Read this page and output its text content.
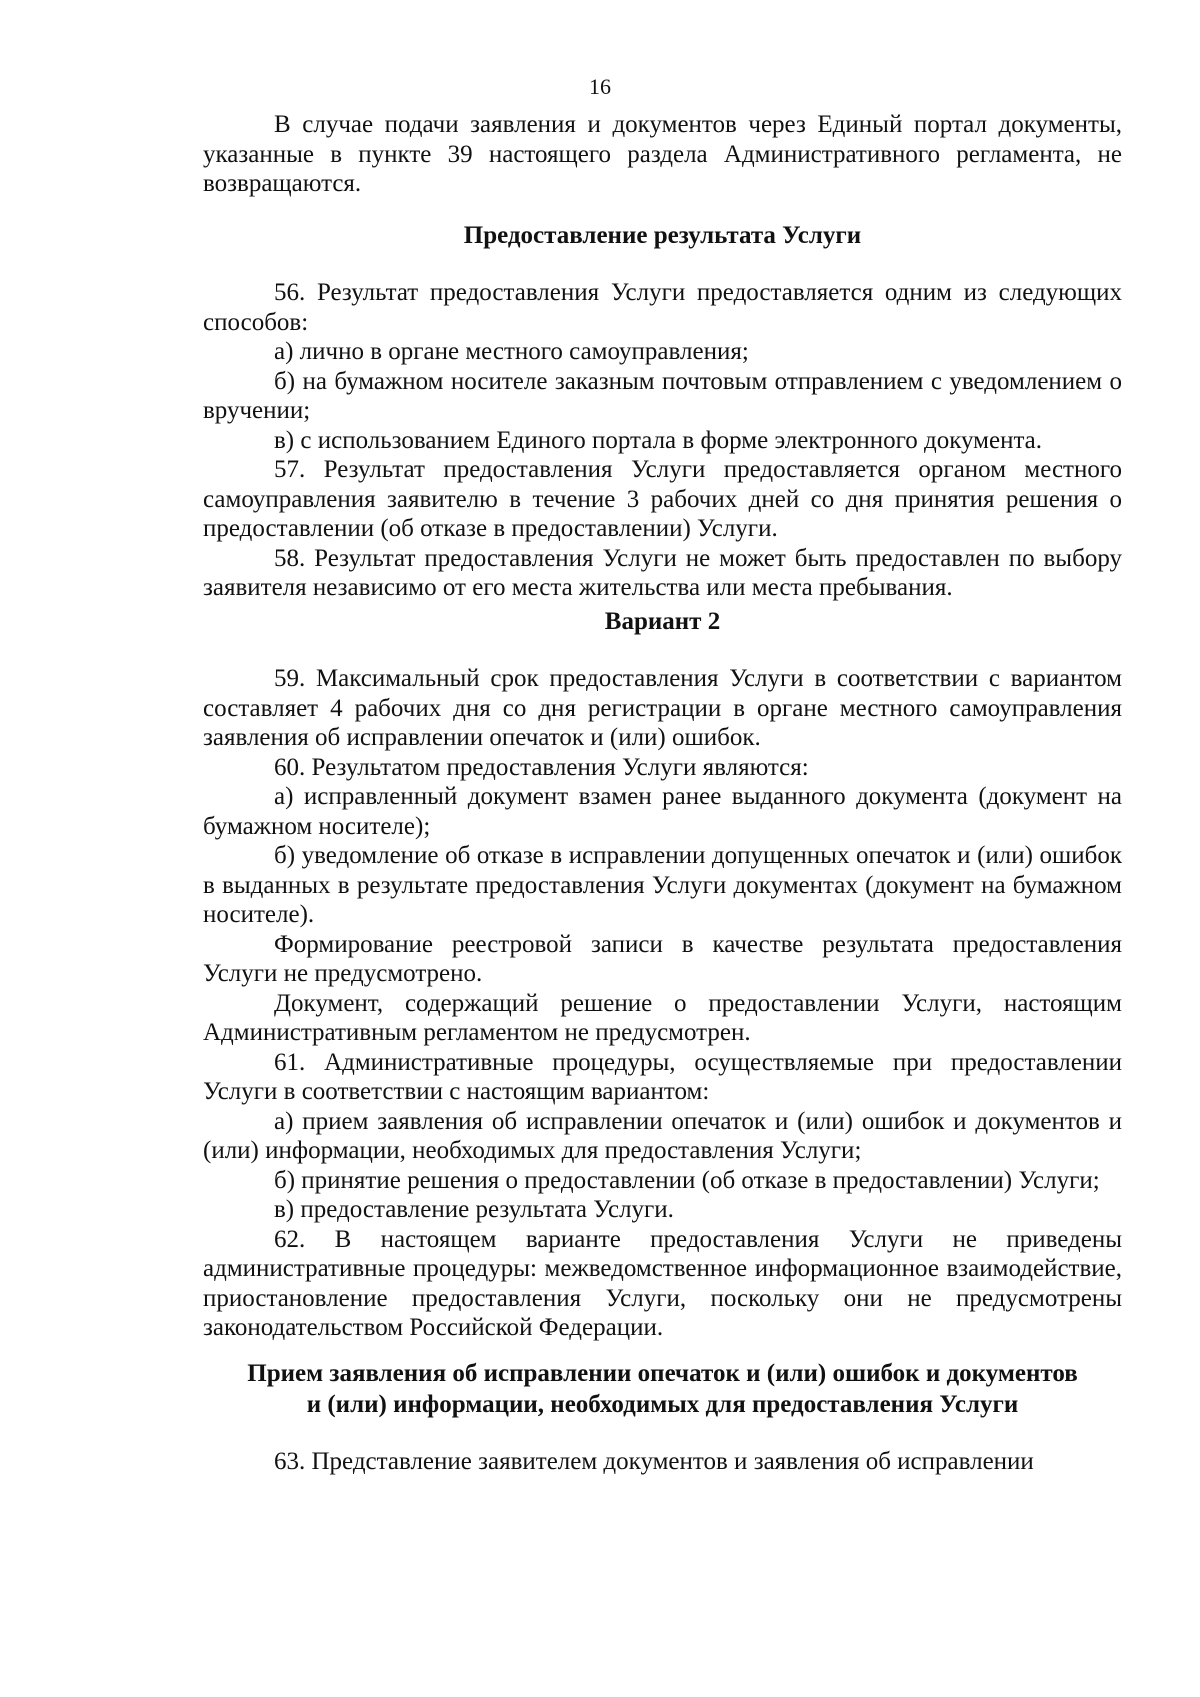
16

В случае подачи заявления и документов через Единый портал документы, указанные в пункте 39 настоящего раздела Административного регламента, не возвращаются.

Предоставление результата Услуги

56. Результат предоставления Услуги предоставляется одним из следующих способов:

а) лично в органе местного самоуправления;

б) на бумажном носителе заказным почтовым отправлением с уведомлением о вручении;

в) с использованием Единого портала в форме электронного документа.

57. Результат предоставления Услуги предоставляется органом местного самоуправления заявителю в течение 3 рабочих дней со дня принятия решения о предоставлении (об отказе в предоставлении) Услуги.

58. Результат предоставления Услуги не может быть предоставлен по выбору заявителя независимо от его места жительства или места пребывания.

Вариант 2

59. Максимальный срок предоставления Услуги в соответствии с вариантом составляет 4 рабочих дня со дня регистрации в органе местного самоуправления заявления об исправлении опечаток и (или) ошибок.

60. Результатом предоставления Услуги являются:

а) исправленный документ взамен ранее выданного документа (документ на бумажном носителе);

б) уведомление об отказе в исправлении допущенных опечаток и (или) ошибок в выданных в результате предоставления Услуги документах (документ на бумажном носителе).

Формирование реестровой записи в качестве результата предоставления Услуги не предусмотрено.

Документ, содержащий решение о предоставлении Услуги, настоящим Административным регламентом не предусмотрен.

61. Административные процедуры, осуществляемые при предоставлении Услуги в соответствии с настоящим вариантом:

а) прием заявления об исправлении опечаток и (или) ошибок и документов и (или) информации, необходимых для предоставления Услуги;

б) принятие решения о предоставлении (об отказе в предоставлении) Услуги;

в) предоставление результата Услуги.

62. В настоящем варианте предоставления Услуги не приведены административные процедуры: межведомственное информационное взаимодействие, приостановление предоставления Услуги, поскольку они не предусмотрены законодательством Российской Федерации.

Прием заявления об исправлении опечаток и (или) ошибок и документов
и (или) информации, необходимых для предоставления Услуги

63. Представление заявителем документов и заявления об исправлении
